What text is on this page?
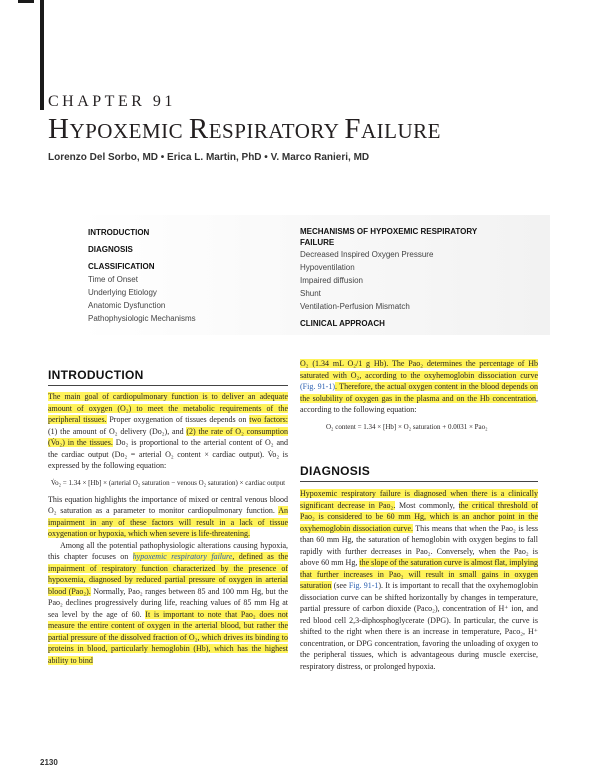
CHAPTER 91
HYPOXEMIC RESPIRATORY FAILURE
Lorenzo Del Sorbo, MD • Erica L. Martin, PhD • V. Marco Ranieri, MD
INTRODUCTION
DIAGNOSIS
CLASSIFICATION
Time of Onset
Underlying Etiology
Anatomic Dysfunction
Pathophysiologic Mechanisms
MECHANISMS OF HYPOXEMIC RESPIRATORY FAILURE
Decreased Inspired Oxygen Pressure
Hypoventilation
Impaired diffusion
Shunt
Ventilation-Perfusion Mismatch
CLINICAL APPROACH
INTRODUCTION

The main goal of cardiopulmonary function is to deliver an adequate amount of oxygen (O₂) to meet the metabolic requirements of the peripheral tissues. Proper oxygenation of tissues depends on two factors: (1) the amount of O₂ delivery (Do₂), and (2) the rate of O₂ consumption (V̇o₂) in the tissues. Do₂ is proportional to the arterial content of O₂ and the cardiac output (Do₂ = arterial O₂ content × cardiac output). V̇o₂ is expressed by the following equation:

V̇o₂ = 1.34 × [Hb] × (arterial O₂ saturation − venous O₂ saturation) × cardiac output

This equation highlights the importance of mixed or central venous blood O₂ saturation as a parameter to monitor cardiopulmonary function. An impairment in any of these factors will result in a lack of tissue oxygenation or hypoxia, which when severe is life-threatening.

Among all the potential pathophysiologic alterations causing hypoxia, this chapter focuses on hypoxemic respiratory failure, defined as the impairment of respiratory function characterized by the presence of hypoxemia, diagnosed by reduced partial pressure of oxygen in arterial blood (Pao₂). Normally, Pao₂ ranges between 85 and 100 mm Hg, but the Pao₂ declines progressively during life, reaching values of 85 mm Hg at sea level by the age of 60. It is important to note that Pao₂ does not measure the entire content of oxygen in the arterial blood, but rather the partial pressure of the dissolved fraction of O₂, which drives its binding to proteins in blood, particularly hemoglobin (Hb), which has the highest ability to bind

O₂ (1.34 mL O₂/1 g Hb). The Pao₂ determines the percentage of Hb saturated with O₂, according to the oxyhemoglobin dissociation curve (Fig. 91-1). Therefore, the actual oxygen content in the blood depends on the solubility of oxygen gas in the plasma and on the Hb concentration, according to the following equation:

O₂ content = 1.34 × [Hb] × O₂ saturation + 0.0031 × Pao₂
DIAGNOSIS

Hypoxemic respiratory failure is diagnosed when there is a clinically significant decrease in Pao₂. Most commonly, the critical threshold of Pao₂ is considered to be 60 mm Hg, which is an anchor point in the oxyhemoglobin dissociation curve. This means that when the Pao₂ is less than 60 mm Hg, the saturation of hemoglobin with oxygen begins to fall rapidly with further decreases in Pao₂. Conversely, when the Pao₂ is above 60 mm Hg, the slope of the saturation curve is almost flat, implying that further increases in Pao₂ will result in small gains in oxygen saturation (see Fig. 91-1). It is important to recall that the oxyhemoglobin dissociation curve can be shifted horizontally by changes in temperature, partial pressure of carbon dioxide (Paco₂), concentration of H⁺ ion, and red blood cell 2,3-diphosphoglycerate (DPG). In particular, the curve is shifted to the right when there is an increase in temperature, Paco₂, H⁺ concentration, or DPG concentration, favoring the unloading of oxygen to the peripheral tissues, which is advantageous during muscle exercise, respiratory distress, or prolonged hypoxia.

2130
